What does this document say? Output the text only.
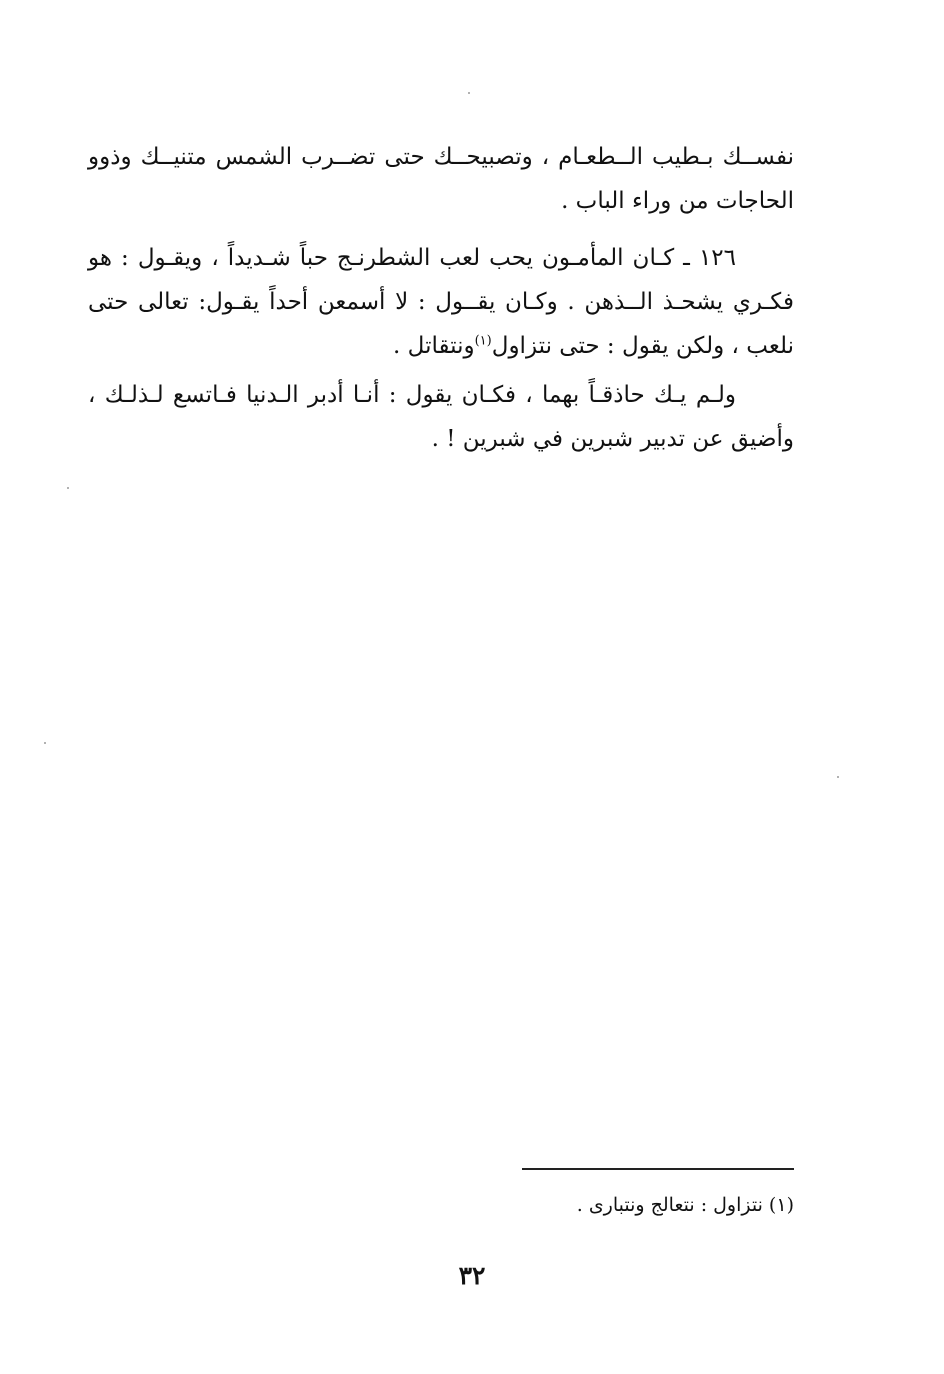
نفســك بـطيب الــطعـام ، وتصبيحــك حتى تضــرب الشمس متنيــك وذوو الحاجات من وراء الباب .

١٢٦ ـ كـان المأمـون يحب لعب الشطرنـج حباً شـديداً ، ويقـول : هو فكـري يشحـذ الــذهن . وكـان يقــول : لا أسمعن أحداً يقـول: تعالى حتى نلعب ، ولكن يقول : حتى نتزاول$^{(١)}$ونتقاتل .

ولـم يـك حاذقـاً بهما ، فكـان يقول : أنـا أدبر الـدنيا فـاتسع لـذلـك ، وأضيق عن تدبير شبرين في شبرين ! .

(١) نتزاول : نتعالج ونتبارى .
٣٢
